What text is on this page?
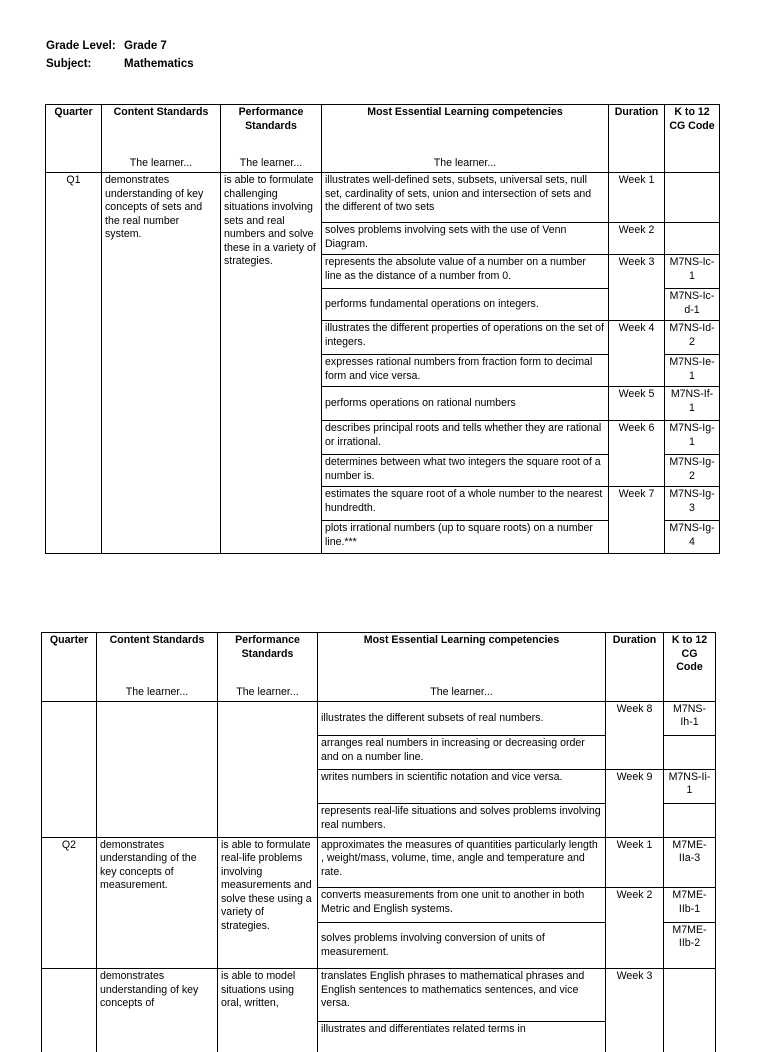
Grade Level: Grade 7
Subject:	Mathematics
Quarter	Content Standards	Performance Standards	Most Essential Learning competencies	Duration	K to 12 CG Code
	The learner...	The learner...	The learner...		
Q1	demonstrates understanding of key concepts of sets and the real number system.	is able to formulate challenging situations involving sets and real numbers and solve these in a variety of strategies.	illustrates well-defined sets, subsets, universal sets, null set, cardinality of sets, union and intersection of sets and the different of two sets	Week 1	
			solves problems involving sets with the use of Venn Diagram.	Week 2	
			represents the absolute value of a number on a number line as the distance of a number from 0.	Week 3	M7NS-Ic-1
			performs fundamental operations on integers.		M7NS-Ic-d-1
			illustrates the different properties of operations on the set of integers.	Week 4	M7NS-Id-2
			expresses rational numbers from fraction form to decimal form and vice versa.		M7NS-Ie-1
			performs operations on rational numbers	Week 5	M7NS-If-1
			describes principal roots and tells whether they are rational or irrational.	Week 6	M7NS-Ig-1
			determines between what two integers the square root of a number is.		M7NS-Ig-2
			estimates the square root of a whole number to the nearest hundredth.	Week 7	M7NS-Ig-3
			plots irrational numbers (up to square roots) on a number line.***		M7NS-Ig-4
Quarter	Content Standards	Performance Standards	Most Essential Learning competencies	Duration	K to 12 CG Code
	The learner...	The learner...	The learner...		
			illustrates the different subsets of real numbers.	Week 8	M7NS-Ih-1
			arranges real numbers in increasing or decreasing order and on a number line.		
			writes numbers in scientific notation and vice versa.	Week 9	M7NS-Ii-1
			represents real-life situations and solves problems involving real numbers.		
Q2	demonstrates understanding of the key concepts of measurement.	is able to formulate real-life problems involving measurements and solve these using a variety of strategies.	approximates the measures of quantities particularly length , weight/mass, volume, time, angle and temperature and rate.	Week 1	M7ME-IIa-3
			converts measurements from one unit to another in both Metric and English systems.	Week 2	M7ME-IIb-1
			solves problems involving conversion of units of measurement.		M7ME-IIb-2
	demonstrates understanding of key concepts of	is able to model situations using oral, written,	translates English phrases to mathematical phrases and English sentences to mathematics sentences, and vice versa.	Week 3	
			illustrates and differentiates related terms in		
